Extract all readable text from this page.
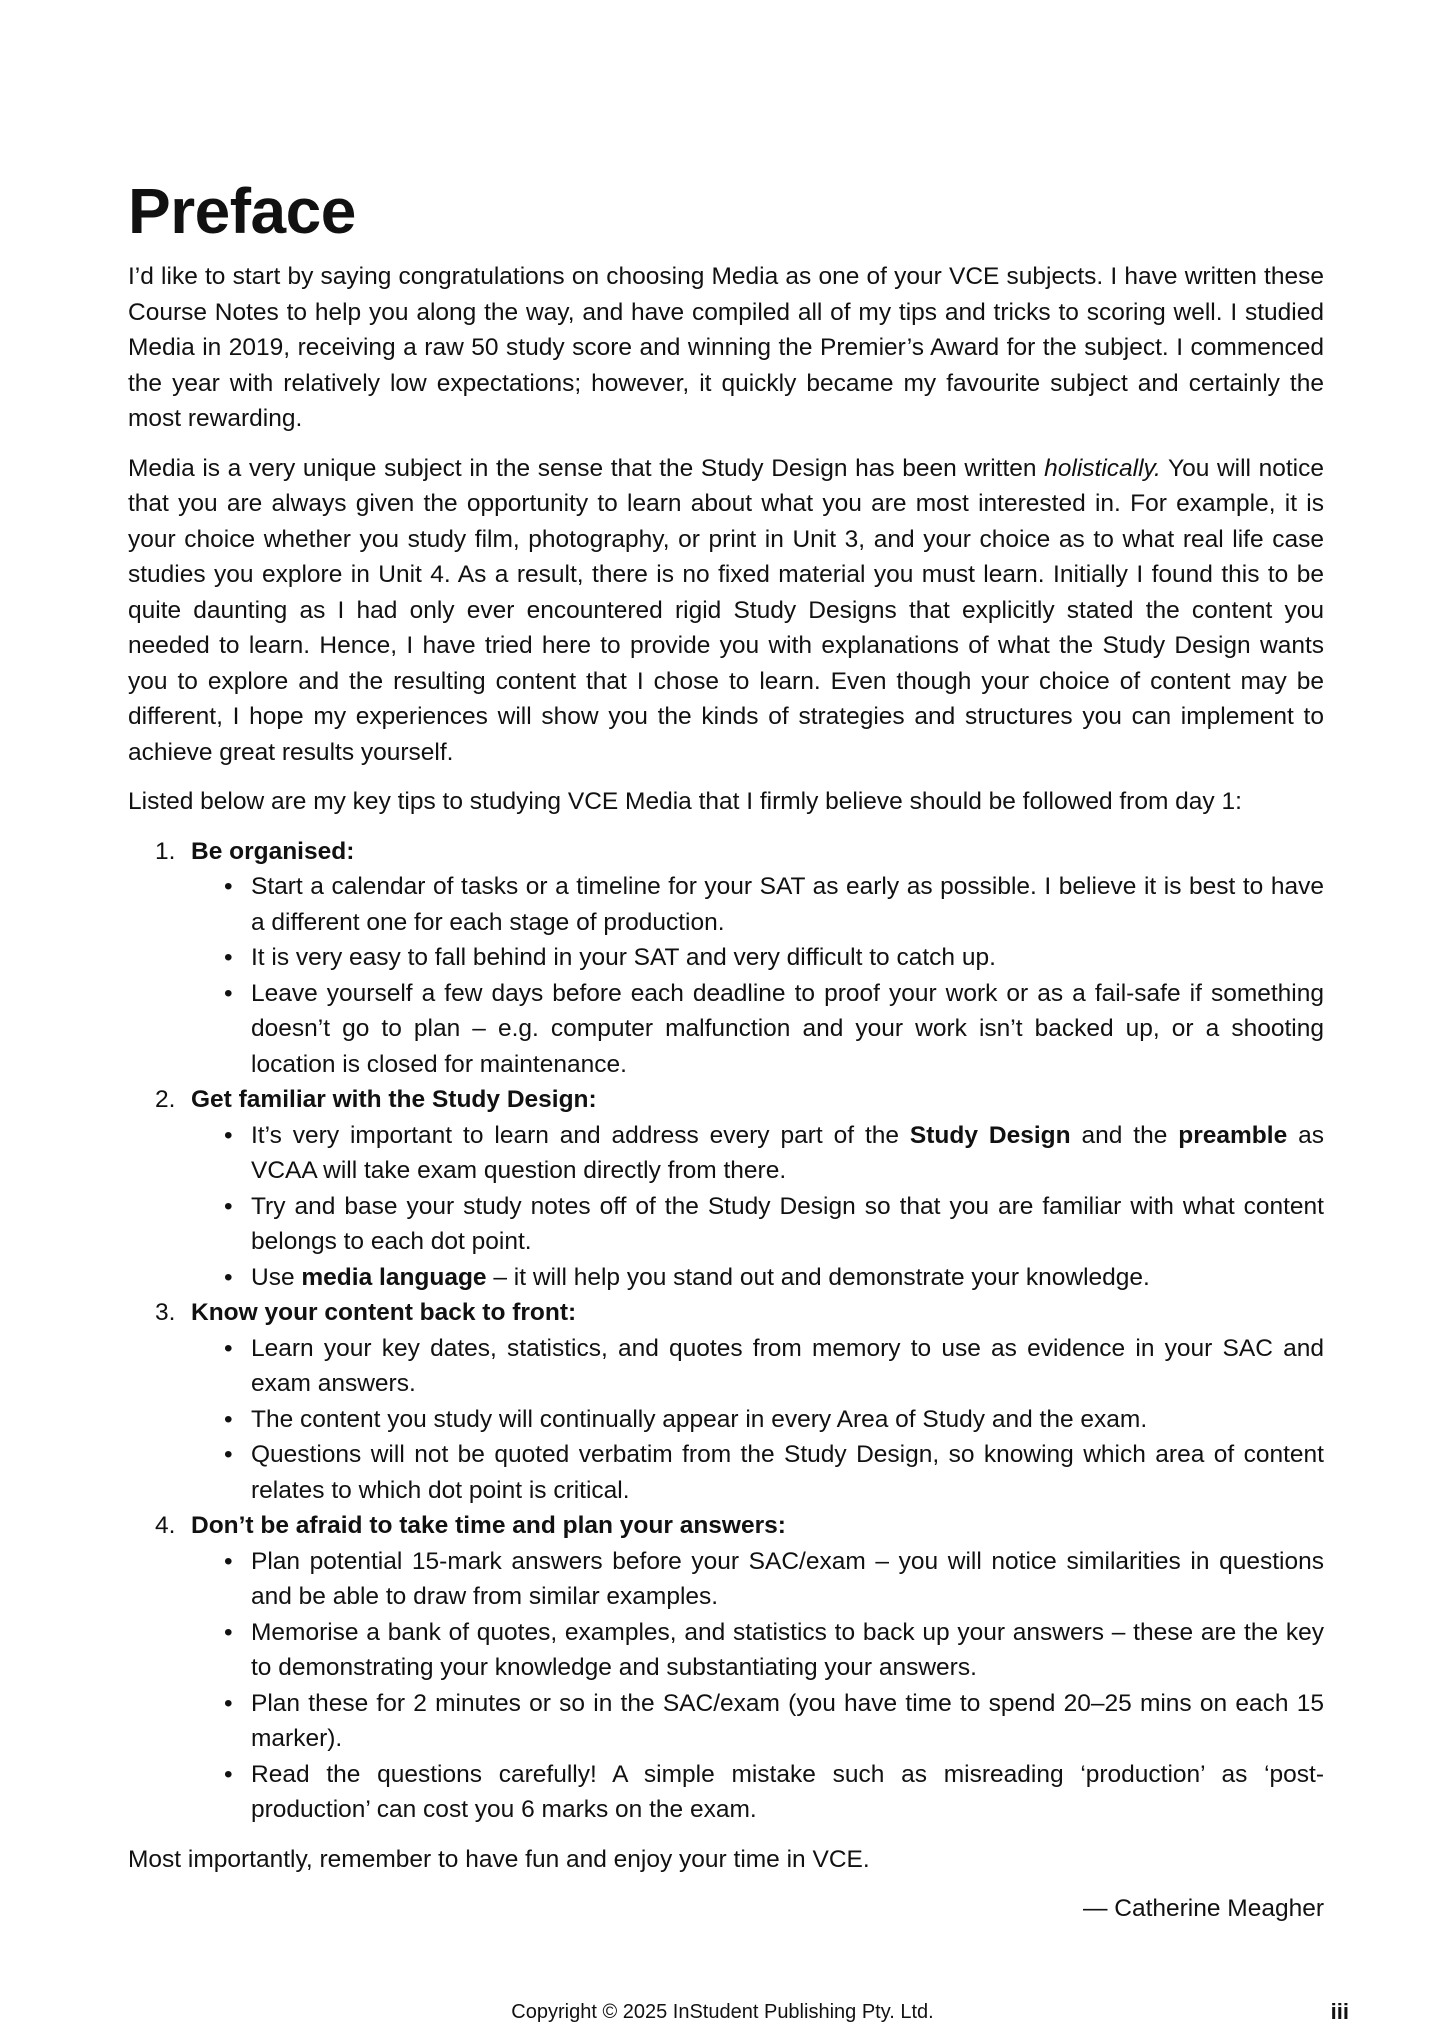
Preface

I’d like to start by saying congratulations on choosing Media as one of your VCE subjects. I have written these Course Notes to help you along the way, and have compiled all of my tips and tricks to scoring well. I studied Media in 2019, receiving a raw 50 study score and winning the Premier’s Award for the subject. I commenced the year with relatively low expectations; however, it quickly became my favourite subject and certainly the most rewarding.

Media is a very unique subject in the sense that the Study Design has been written holistically. You will notice that you are always given the opportunity to learn about what you are most interested in. For example, it is your choice whether you study film, photography, or print in Unit 3, and your choice as to what real life case studies you explore in Unit 4. As a result, there is no fixed material you must learn. Initially I found this to be quite daunting as I had only ever encountered rigid Study Designs that explicitly stated the content you needed to learn. Hence, I have tried here to provide you with explanations of what the Study Design wants you to explore and the resulting content that I chose to learn. Even though your choice of content may be different, I hope my experiences will show you the kinds of strategies and structures you can implement to achieve great results yourself.

Listed below are my key tips to studying VCE Media that I firmly believe should be followed from day 1:

1. Be organised:
• Start a calendar of tasks or a timeline for your SAT as early as possible. I believe it is best to have a different one for each stage of production.
• It is very easy to fall behind in your SAT and very difficult to catch up.
• Leave yourself a few days before each deadline to proof your work or as a fail-safe if something doesn’t go to plan – e.g. computer malfunction and your work isn’t backed up, or a shooting location is closed for maintenance.
2. Get familiar with the Study Design:
• It’s very important to learn and address every part of the Study Design and the preamble as VCAA will take exam question directly from there.
• Try and base your study notes off of the Study Design so that you are familiar with what content belongs to each dot point.
• Use media language – it will help you stand out and demonstrate your knowledge.
3. Know your content back to front:
• Learn your key dates, statistics, and quotes from memory to use as evidence in your SAC and exam answers.
• The content you study will continually appear in every Area of Study and the exam.
• Questions will not be quoted verbatim from the Study Design, so knowing which area of content relates to which dot point is critical.
4. Don’t be afraid to take time and plan your answers:
• Plan potential 15-mark answers before your SAC/exam – you will notice similarities in questions and be able to draw from similar examples.
• Memorise a bank of quotes, examples, and statistics to back up your answers – these are the key to demonstrating your knowledge and substantiating your answers.
• Plan these for 2 minutes or so in the SAC/exam (you have time to spend 20–25 mins on each 15 marker).
• Read the questions carefully! A simple mistake such as misreading ‘production’ as ‘post-production’ can cost you 6 marks on the exam.

Most importantly, remember to have fun and enjoy your time in VCE.

— Catherine Meagher

Copyright © 2025 InStudent Publishing Pty. Ltd.	iii
